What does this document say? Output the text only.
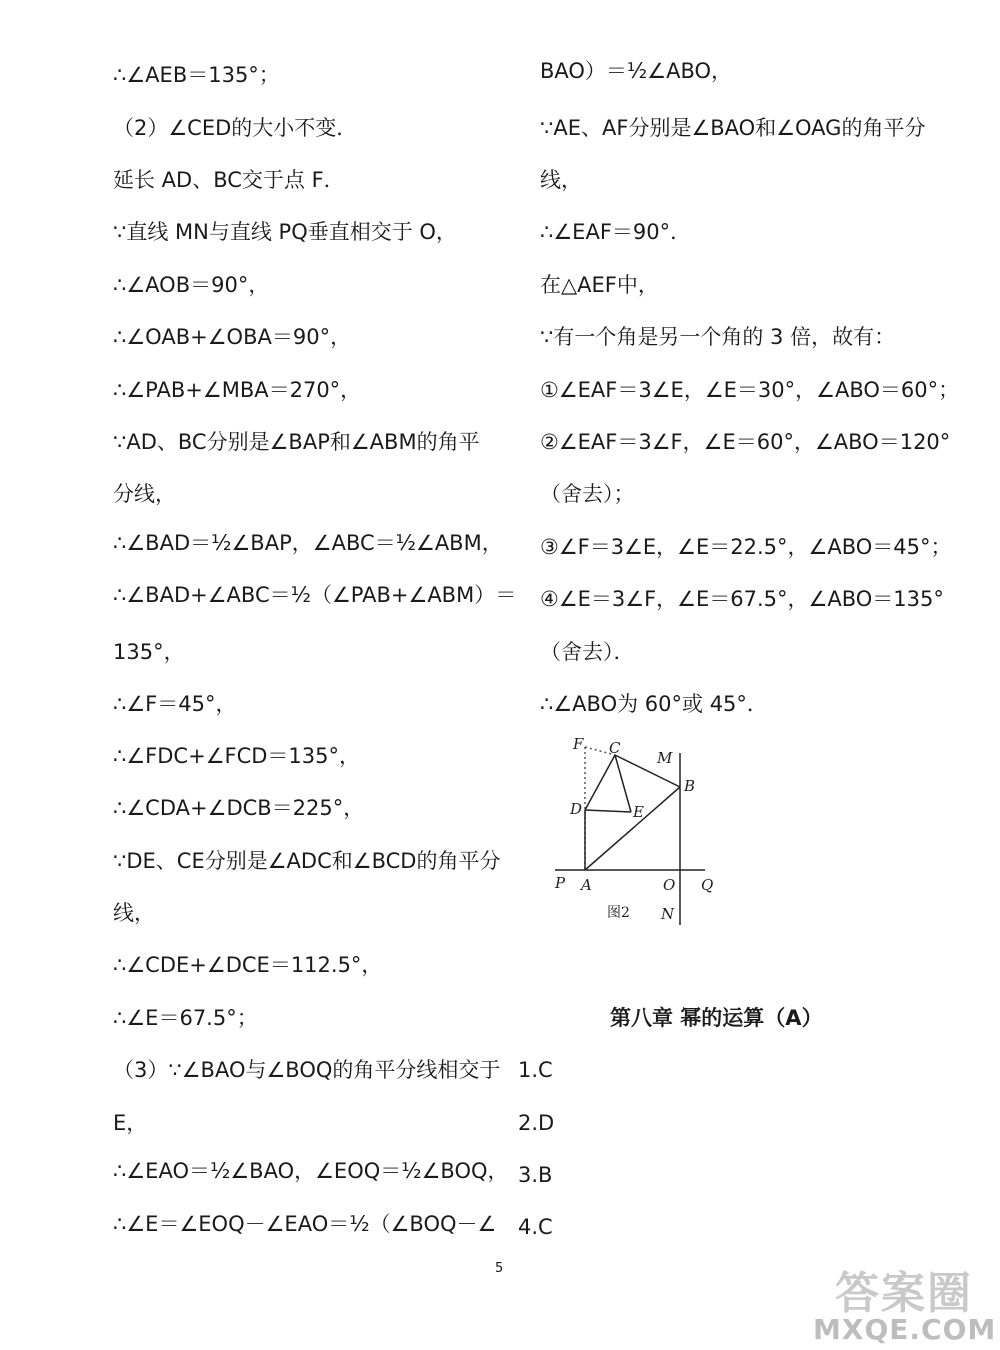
∴∠AEB＝135°；
（2）∠CED的大小不变．
延长 AD、BC交于点 F．
∵直线 MN与直线 PQ垂直相交于 O，
∴∠AOB＝90°，
∴∠OAB+∠OBA＝90°，
∴∠PAB+∠MBA＝270°，
∵AD、BC分别是∠BAP和∠ABM的角平
分线，
∴∠BAD＝½∠BAP，∠ABC＝½∠ABM，
∴∠BAD+∠ABC＝½（∠PAB+∠ABM）＝
135°，
∴∠F＝45°，
∴∠FDC+∠FCD＝135°，
∴∠CDA+∠DCB＝225°，
∵DE、CE分别是∠ADC和∠BCD的角平分
线，
∴∠CDE+∠DCE＝112.5°，
∴∠E＝67.5°；
（3）∵∠BAO与∠BOQ的角平分线相交于
E，
∴∠EAO＝½∠BAO，∠EOQ＝½∠BOQ，
∴∠E＝∠EOQ－∠EAO＝½（∠BOQ－∠
BAO）＝½∠ABO，
∵AE、AF分别是∠BAO和∠OAG的角平分
线，
∴∠EAF＝90°．
在△AEF中，
∵有一个角是另一个角的 3 倍，故有：
①∠EAF＝3∠E，∠E＝30°，∠ABO＝60°；
②∠EAF＝3∠F，∠E＝60°，∠ABO＝120°
（舍去）；
③∠F＝3∠E，∠E＝22.5°，∠ABO＝45°；
④∠E＝3∠F，∠E＝67.5°，∠ABO＝135°
（舍去）．
∴∠ABO为 60°或 45°．
F C
M
B
D	E
P A	O Q
N
图2
第八章 幂的运算（A）
1.C
2.D
3.B
4.C
5	答案圈
MXQE.COM
